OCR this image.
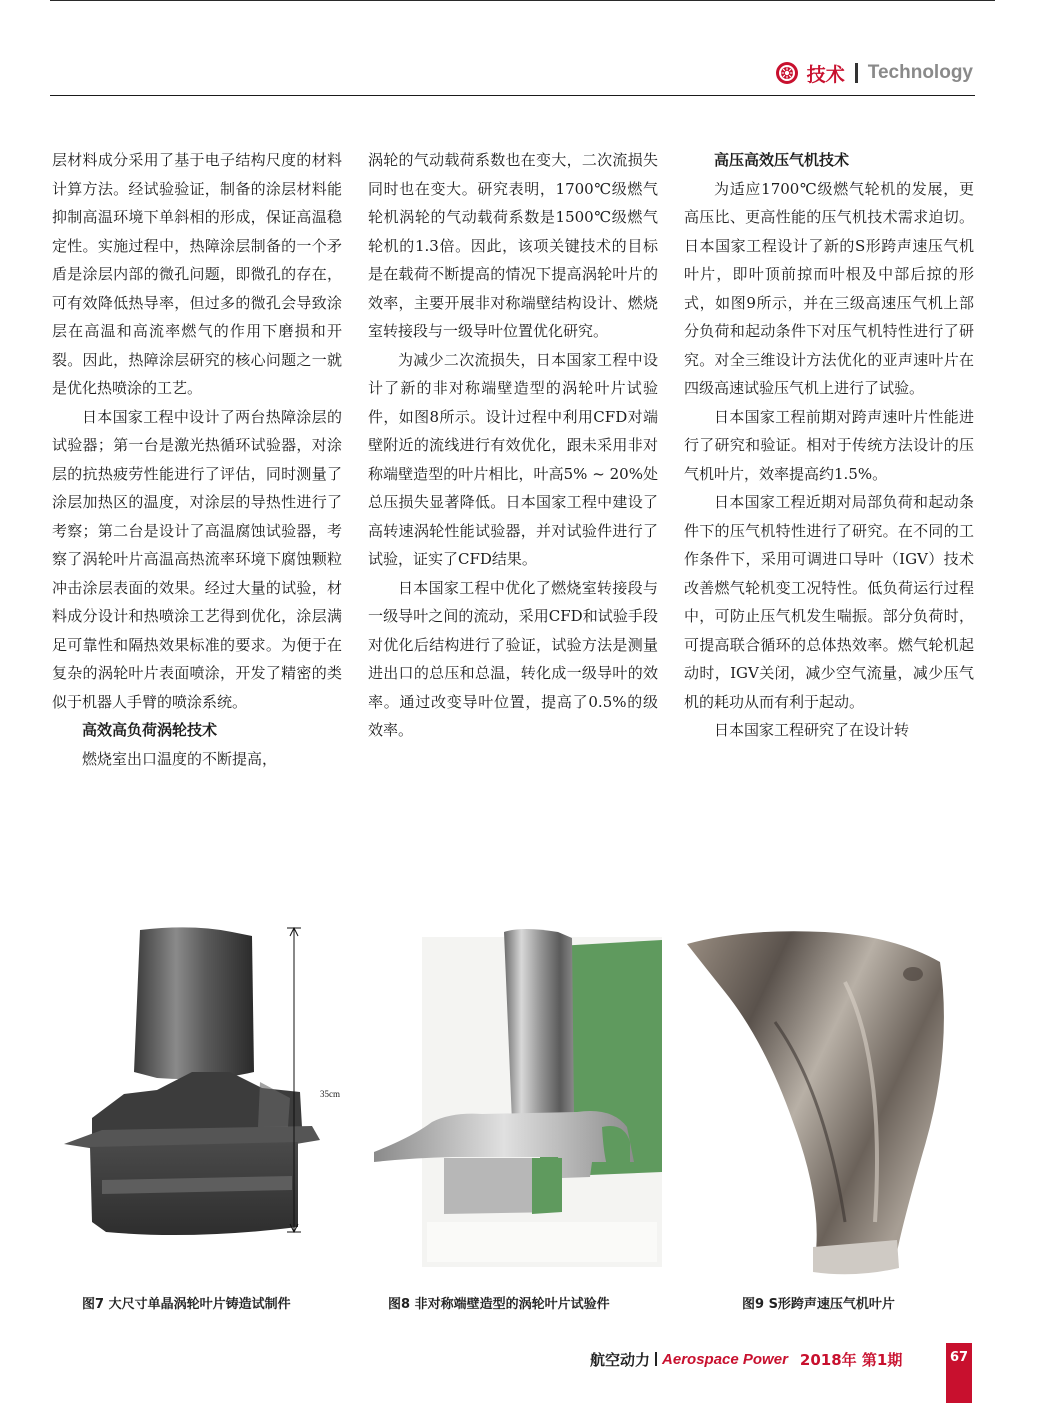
技术 Technology

层材料成分采用了基于电子结构尺度的材料计算方法。经试验验证，制备的涂层材料能抑制高温环境下单斜相的形成，保证高温稳定性。实施过程中，热障涂层制备的一个矛盾是涂层内部的微孔问题，即微孔的存在，可有效降低热导率，但过多的微孔会导致涂层在高温和高流率燃气的作用下磨损和开裂。因此，热障涂层研究的核心问题之一就是优化热喷涂的工艺。

日本国家工程中设计了两台热障涂层的试验器；第一台是激光热循环试验器，对涂层的抗热疲劳性能进行了评估，同时测量了涂层加热区的温度，对涂层的导热性进行了考察；第二台是设计了高温腐蚀试验器，考察了涡轮叶片高温高热流率环境下腐蚀颗粒冲击涂层表面的效果。经过大量的试验，材料成分设计和热喷涂工艺得到优化，涂层满足可靠性和隔热效果标准的要求。为便于在复杂的涡轮叶片表面喷涂，开发了精密的类似于机器人手臂的喷涂系统。

高效高负荷涡轮技术

燃烧室出口温度的不断提高，

涡轮的气动载荷系数也在变大，二次流损失同时也在变大。研究表明，1700℃级燃气轮机涡轮的气动载荷系数是1500℃级燃气轮机的1.3倍。因此，该项关键技术的目标是在载荷不断提高的情况下提高涡轮叶片的效率，主要开展非对称端壁结构设计、燃烧室转接段与一级导叶位置优化研究。

为减少二次流损失，日本国家工程中设计了新的非对称端壁造型的涡轮叶片试验件，如图8所示。设计过程中利用CFD对端壁附近的流线进行有效优化，跟未采用非对称端壁造型的叶片相比，叶高5% ~ 20%处总压损失显著降低。日本国家工程中建设了高转速涡轮性能试验器，并对试验件进行了试验，证实了CFD结果。

日本国家工程中优化了燃烧室转接段与一级导叶之间的流动，采用CFD和试验手段对优化后结构进行了验证，试验方法是测量进出口的总压和总温，转化成一级导叶的效率。通过改变导叶位置，提高了0.5%的级效率。

高压高效压气机技术

为适应1700℃级燃气轮机的发展，更高压比、更高性能的压气机技术需求迫切。日本国家工程设计了新的S形跨声速压气机叶片，即叶顶前掠而叶根及中部后掠的形式，如图9所示，并在三级高速压气机上部分负荷和起动条件下对压气机特性进行了研究。对全三维设计方法优化的亚声速叶片在四级高速试验压气机上进行了试验。

日本国家工程前期对跨声速叶片性能进行了研究和验证。相对于传统方法设计的压气机叶片，效率提高约1.5%。

日本国家工程近期对局部负荷和起动条件下的压气机特性进行了研究。在不同的工作条件下，采用可调进口导叶（IGV）技术改善燃气轮机变工况特性。低负荷运行过程中，可防止压气机发生喘振。部分负荷时，可提高联合循环的总体热效率。燃气轮机起动时，IGV关闭，减少空气流量，减少压气机的耗功从而有利于起动。

日本国家工程研究了在设计转

35cm
图7 大尺寸单晶涡轮叶片铸造试制件	图8 非对称端壁造型的涡轮叶片试验件	图9 S形跨声速压气机叶片
航空动力 Aerospace Power 2018年 第1期	67
